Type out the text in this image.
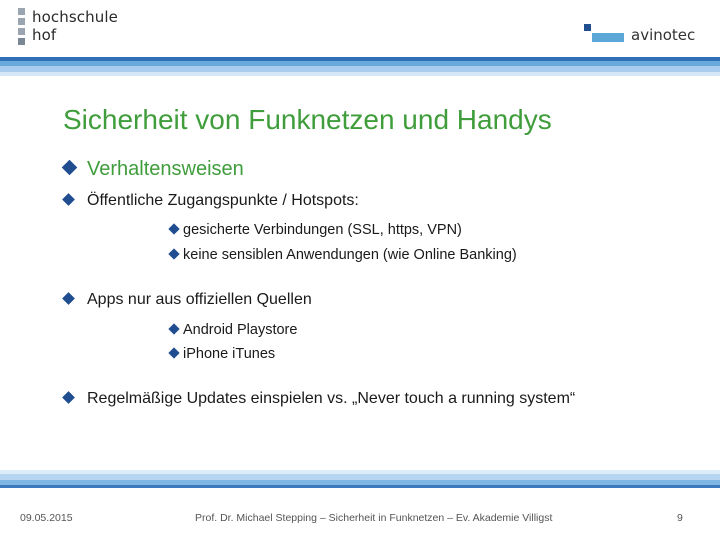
hochschule
hof	avinotec
Sicherheit von Funknetzen und Handys
Verhaltensweisen
Öffentliche Zugangspunkte / Hotspots:
gesicherte Verbindungen (SSL, https, VPN)
keine sensiblen Anwendungen (wie Online Banking)
Apps nur aus offiziellen Quellen
Android Playstore
iPhone iTunes
Regelmäßige Updates einspielen vs. „Never touch a running system“
09.05.2015	Prof. Dr. Michael Stepping – Sicherheit in Funknetzen – Ev. Akademie Villigst	9
